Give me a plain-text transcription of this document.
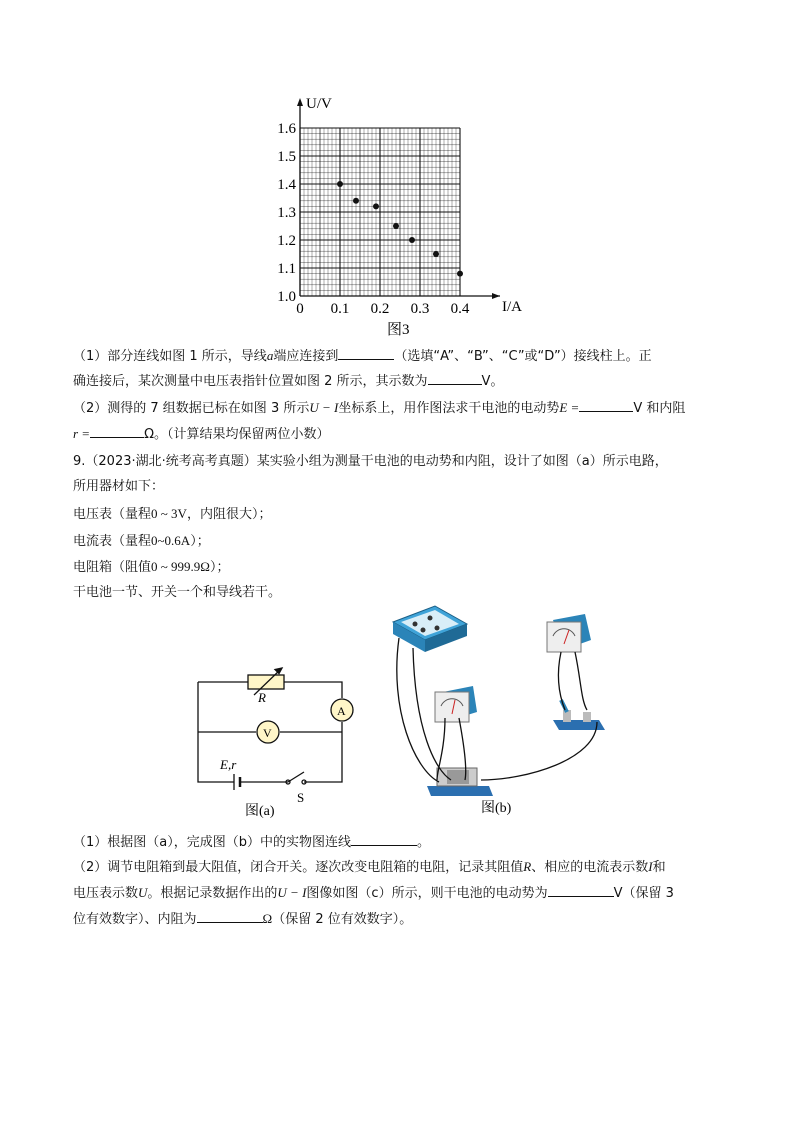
0 0.1 0.2 0.3 0.4
1.0
1.1
1.2
1.3
1.4
1.5
1.6
U/V
I/A
图3
（1）部分连线如图 1 所示，导线a端应连接到	（选填“A”、“B”、“C”或“D”）接线柱上。正
确连接后，某次测量中电压表指针位置如图 2 所示，其示数为	V。
（2）测得的 7 组数据已标在如图 3 所示U − I坐标系上，用作图法求干电池的电动势E =	V 和内阻
r =	Ω。（计算结果均保留两位小数）
9.（2023·湖北·统考高考真题）某实验小组为测量干电池的电动势和内阻，设计了如图（a）所示电路，
所用器材如下：
电压表（量程0 ~ 3V，内阻很大）；
电流表（量程0~0.6A）；
电阻箱（阻值0 ~ 999.9Ω）；
干电池一节、开关一个和导线若干。
R
A
V
E,r
S
图(a)	图(b)
（1）根据图（a），完成图（b）中的实物图连线	。
（2）调节电阻箱到最大阻值，闭合开关。逐次改变电阻箱的电阻，记录其阻值R、相应的电流表示数I和
电压表示数U。根据记录数据作出的U − I图像如图（c）所示，则干电池的电动势为	V（保留 3
位有效数字）、内阻为	Ω（保留 2 位有效数字）。
